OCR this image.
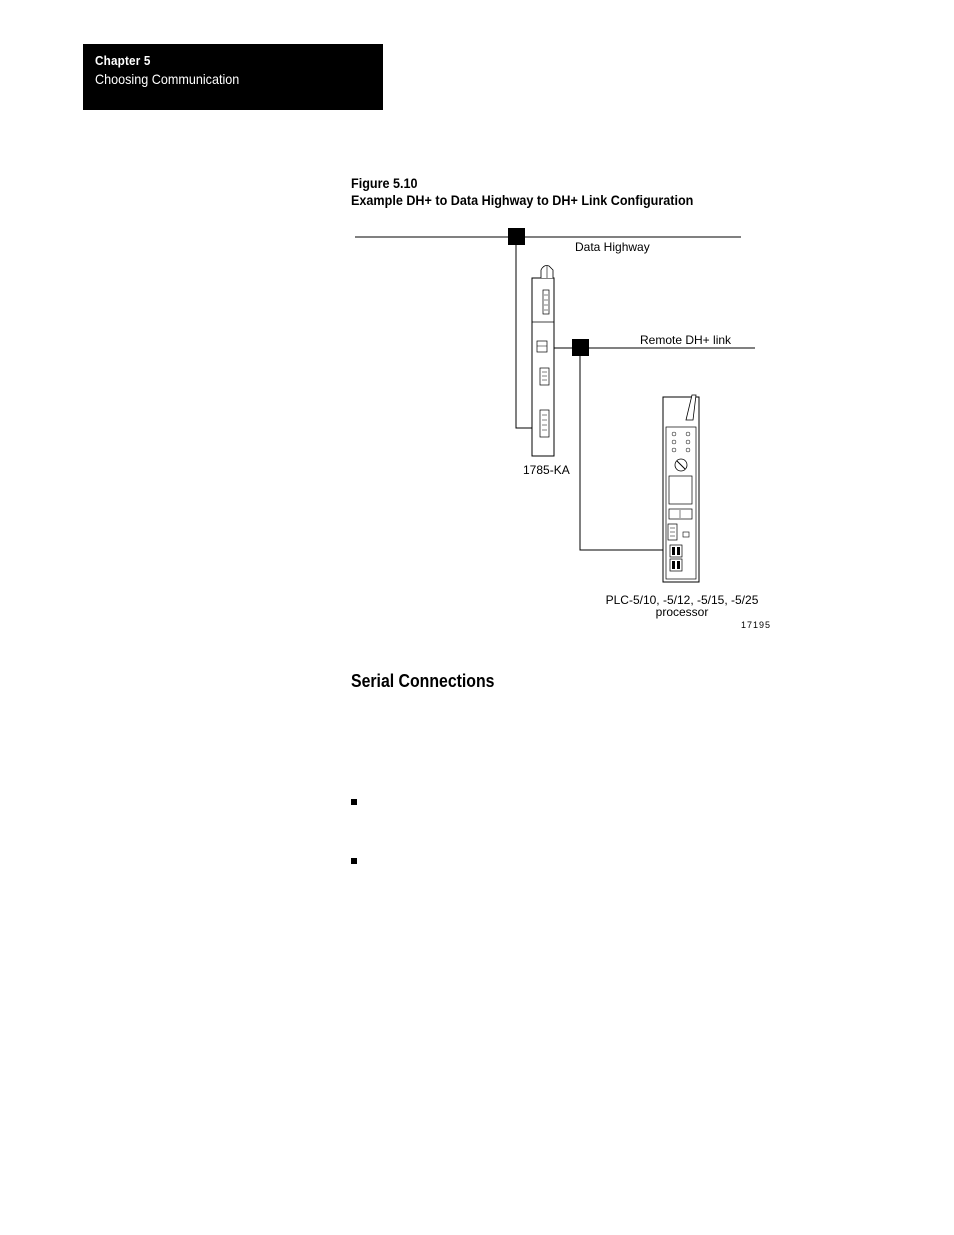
Chapter 5
Choosing Communication
Figure 5.10
Example DH+ to Data Highway to DH+ Link Configuration
Data Highway
Remote DH+ link
1785-KA
PLC-5/10, -5/12, -5/15, -5/25
processor
17195
Serial Connections
